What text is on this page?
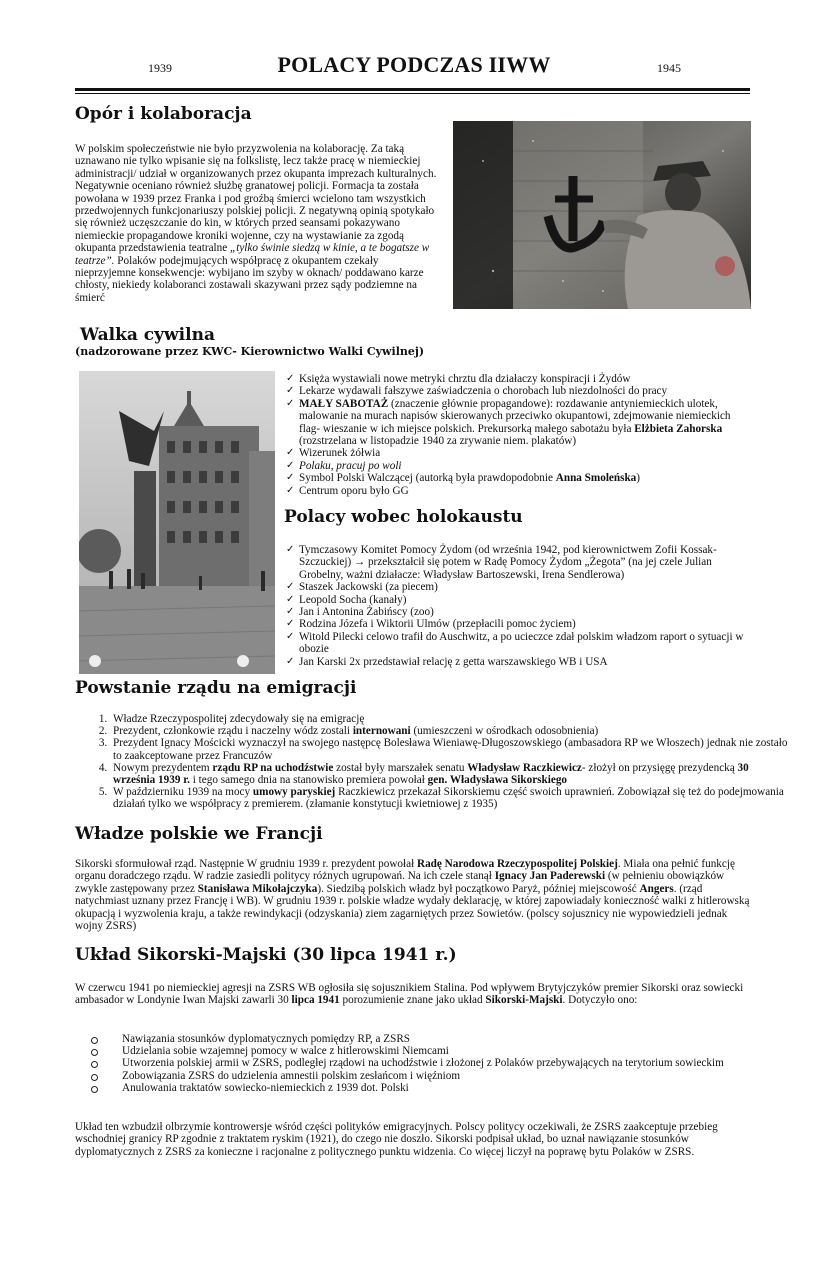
1939	POLACY PODCZAS IIWW	1945
Opór i kolaboracja
W polskim społeczeństwie nie było przyzwolenia na kolaborację. Za taką uznawano nie tylko wpisanie się na folkslistę, lecz także pracę w niemieckiej administracji/ udział w organizowanych przez okupanta imprezach kulturalnych. Negatywnie oceniano również służbę granatowej policji. Formacja ta została powołana w 1939 przez Franka i pod groźbą śmierci wcielono tam wszystkich przedwojennych funkcjonariuszy polskiej policji. Z negatywną opinią spotykało się również uczęszczanie do kin, w których przed seansami pokazywano niemieckie propagandowe kroniki wojenne, czy na wystawianie za zgodą okupanta przedstawienia teatralne „tylko świnie siedzą w kinie, a te bogatsze w teatrze”. Polaków podejmujących współpracę z okupantem czekały nieprzyjemne konsekwencje: wybijano im szyby w oknach/ poddawano karze chłosty, niekiedy kolaboranci zostawali skazywani przez sądy podziemne na śmierć
Walka cywilna
(nadzorowane przez KWC- Kierownictwo Walki Cywilnej)
✓ Księża wystawiali nowe metryki chrztu dla działaczy konspiracji i Żydów
✓ Lekarze wydawali fałszywe zaświadczenia o chorobach lub niezdolności do pracy
✓ MAŁY SABOTAŻ (znaczenie głównie propagandowe): rozdawanie antyniemieckich ulotek, malowanie na murach napisów skierowanych przeciwko okupantowi, zdejmowanie niemieckich flag- wieszanie w ich miejsce polskich. Prekursorką małego sabotażu była Elżbieta Zahorska (rozstrzelana w listopadzie 1940 za zrywanie niem. plakatów)
✓ Wizerunek żółwia
✓ Polaku, pracuj po woli
✓ Symbol Polski Walczącej (autorką była prawdopodobnie Anna Smoleńska)
✓ Centrum oporu było GG
Polacy wobec holokaustu
✓ Tymczasowy Komitet Pomocy Żydom (od września 1942, pod kierownictwem Zofii Kossak-Szczuckiej) → przekształcił się potem w Radę Pomocy Żydom „Żegota” (na jej czele Julian Grobelny, ważni działacze: Władysław Bartoszewski, Irena Sendlerowa)
✓ Staszek Jackowski (za piecem)
✓ Leopold Socha (kanały)
✓ Jan i Antonina Żabińscy (zoo)
✓ Rodzina Józefa i Wiktorii Ulmów (przepłacili pomoc życiem)
✓ Witold Pilecki celowo trafił do Auschwitz, a po ucieczce zdał polskim władzom raport o sytuacji w obozie
✓ Jan Karski 2x przedstawiał relację z getta warszawskiego WB i USA
Powstanie rządu na emigracji
1. Władze Rzeczypospolitej zdecydowały się na emigrację
2. Prezydent, członkowie rządu i naczelny wódz zostali internowani (umieszczeni w ośrodkach odosobnienia)
3. Prezydent Ignacy Mościcki wyznaczył na swojego następcę Bolesława Wieniawę-Długoszowskiego (ambasadora RP we Włoszech) jednak nie zostało to zaakceptowane przez Francuzów
4. Nowym prezydentem rządu RP na uchodźstwie został były marszałek senatu Władysław Raczkiewicz- złożył on przysięgę prezydencką 30 września 1939 r. i tego samego dnia na stanowisko premiera powołał gen. Władysława Sikorskiego
5. W październiku 1939 na mocy umowy paryskiej Raczkiewicz przekazał Sikorskiemu część swoich uprawnień. Zobowiązał się też do podejmowania działań tylko we współpracy z premierem. (złamanie konstytucji kwietniowej z 1935)
Władze polskie we Francji
Sikorski sformułował rząd. Następnie W grudniu 1939 r. prezydent powołał Radę Narodowa Rzeczypospolitej Polskiej. Miała ona pełnić funkcję organu doradczego rządu. W radzie zasiedli politycy różnych ugrupowań. Na ich czele stanął Ignacy Jan Paderewski (w pełnieniu obowiązków zwykle zastępowany przez Stanisława Mikołajczyka). Siedzibą polskich władz był początkowo Paryż, później miejscowość Angers. (rząd natychmiast uznany przez Francję i WB). W grudniu 1939 r. polskie władze wydały deklarację, w której zapowiadały konieczność walki z hitlerowską okupacją i wyzwolenia kraju, a także rewindykacji (odzyskania) ziem zagarniętych przez Sowietów. (polscy sojusznicy nie wypowiedzieli jednak wojny ZSRS)
Układ Sikorski-Majski (30 lipca 1941 r.)
W czerwcu 1941 po niemieckiej agresji na ZSRS WB ogłosiła się sojusznikiem Stalina. Pod wpływem Brytyjczyków premier Sikorski oraz sowiecki ambasador w Londynie Iwan Majski zawarli 30 lipca 1941 porozumienie znane jako układ Sikorski-Majski. Dotyczyło ono:
Nawiązania stosunków dyplomatycznych pomiędzy RP, a ZSRS
Udzielania sobie wzajemnej pomocy w walce z hitlerowskimi Niemcami
Utworzenia polskiej armii w ZSRS, podległej rządowi na uchodźstwie i złożonej z Polaków przebywających na terytorium sowieckim
Zobowiązania ZSRS do udzielenia amnestii polskim zesłańcom i więźniom
Anulowania traktatów sowiecko-niemieckich z 1939 dot. Polski
Układ ten wzbudził olbrzymie kontrowersje wśród części polityków emigracyjnych. Polscy politycy oczekiwali, że ZSRS zaakceptuje przebieg wschodniej granicy RP zgodnie z traktatem ryskim (1921), do czego nie doszło. Sikorski podpisał układ, bo uznał nawiązanie stosunków dyplomatycznych z ZSRS za konieczne i racjonalne z politycznego punktu widzenia. Co więcej liczył na poprawę bytu Polaków w ZSRS.
